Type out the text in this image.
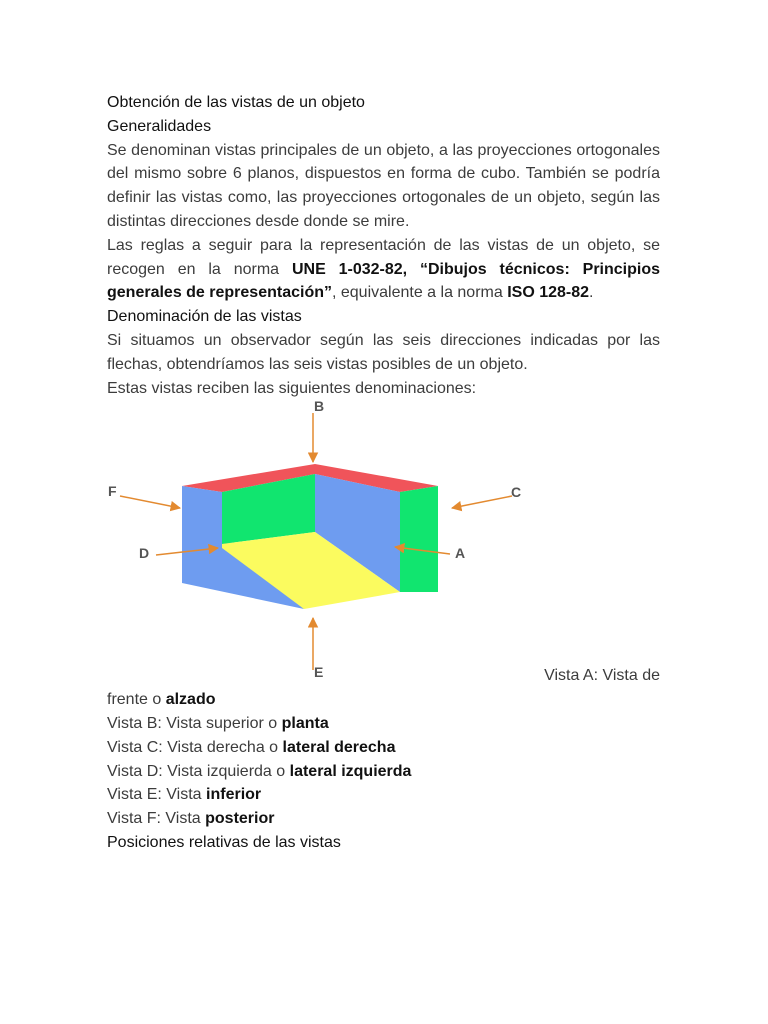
Obtención de las vistas de un objeto

Generalidades

Se denominan vistas principales de un objeto, a las proyecciones ortogonales del mismo sobre 6 planos, dispuestos en forma de cubo. También se podría definir las vistas como, las proyecciones ortogonales de un objeto, según las distintas direcciones desde donde se mire.

Las reglas a seguir para la representación de las vistas de un objeto, se recogen en la norma UNE 1-032-82, “Dibujos técnicos: Principios generales de representación”, equivalente a la norma ISO 128-82.

Denominación de las vistas

Si situamos un observador según las seis direcciones indicadas por las flechas, obtendríamos las seis vistas posibles de un objeto.

Estas vistas reciben las siguientes denominaciones:

B
E
F	C
D	A

Vista A: Vista de

frente o alzado

Vista B: Vista superior o planta

Vista C: Vista derecha o lateral derecha

Vista D: Vista izquierda o lateral izquierda

Vista E: Vista inferior

Vista F: Vista posterior

Posiciones relativas de las vistas
